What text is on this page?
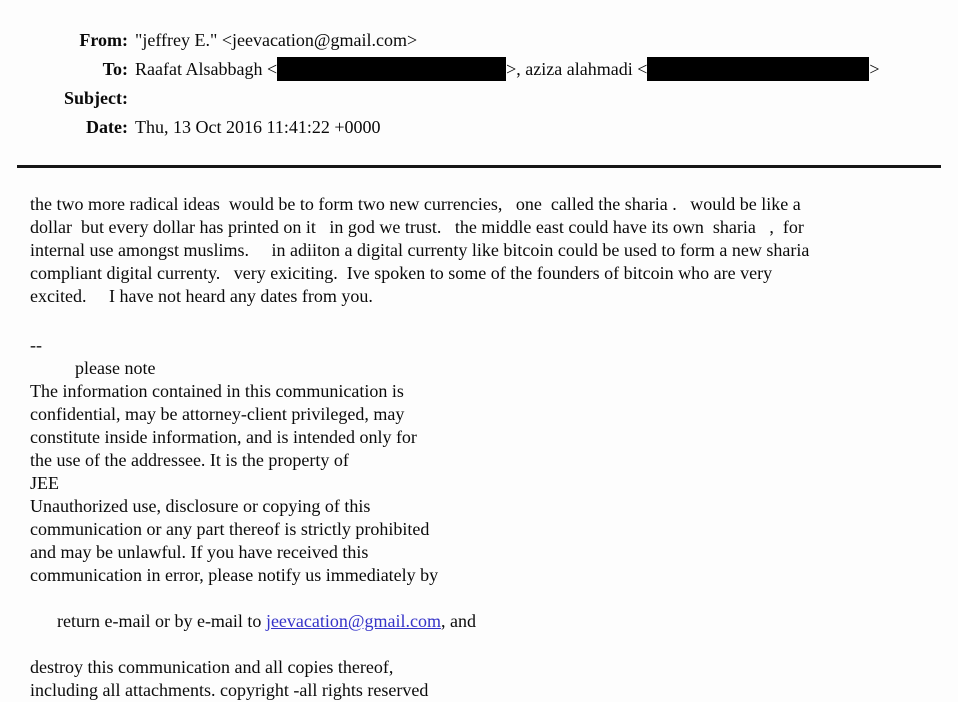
From: "jeffrey E." <jeevacation@gmail.com>
To: Raafat Alsabbagh <	>, aziza alahmadi <	>
Subject:
Date: Thu, 13 Oct 2016 11:41:22 +0000
the two more radical ideas  would be to form two new currencies,   one  called the sharia .   would be like a
dollar  but every dollar has printed on it   in god we trust.   the middle east could have its own  sharia   ,  for
internal use amongst muslims.     in adiiton a digital currenty like bitcoin could be used to form a new sharia
compliant digital currenty.   very exiciting.  Ive spoken to some of the founders of bitcoin who are very
excited.     I have not heard any dates from you.
--
please note
The information contained in this communication is
confidential, may be attorney-client privileged, may
constitute inside information, and is intended only for
the use of the addressee. It is the property of
JEE
Unauthorized use, disclosure or copying of this
communication or any part thereof is strictly prohibited
and may be unlawful. If you have received this
communication in error, please notify us immediately by

return e-mail or by e-mail to jeevacation@gmail.com, and

destroy this communication and all copies thereof,
including all attachments. copyright -all rights reserved
